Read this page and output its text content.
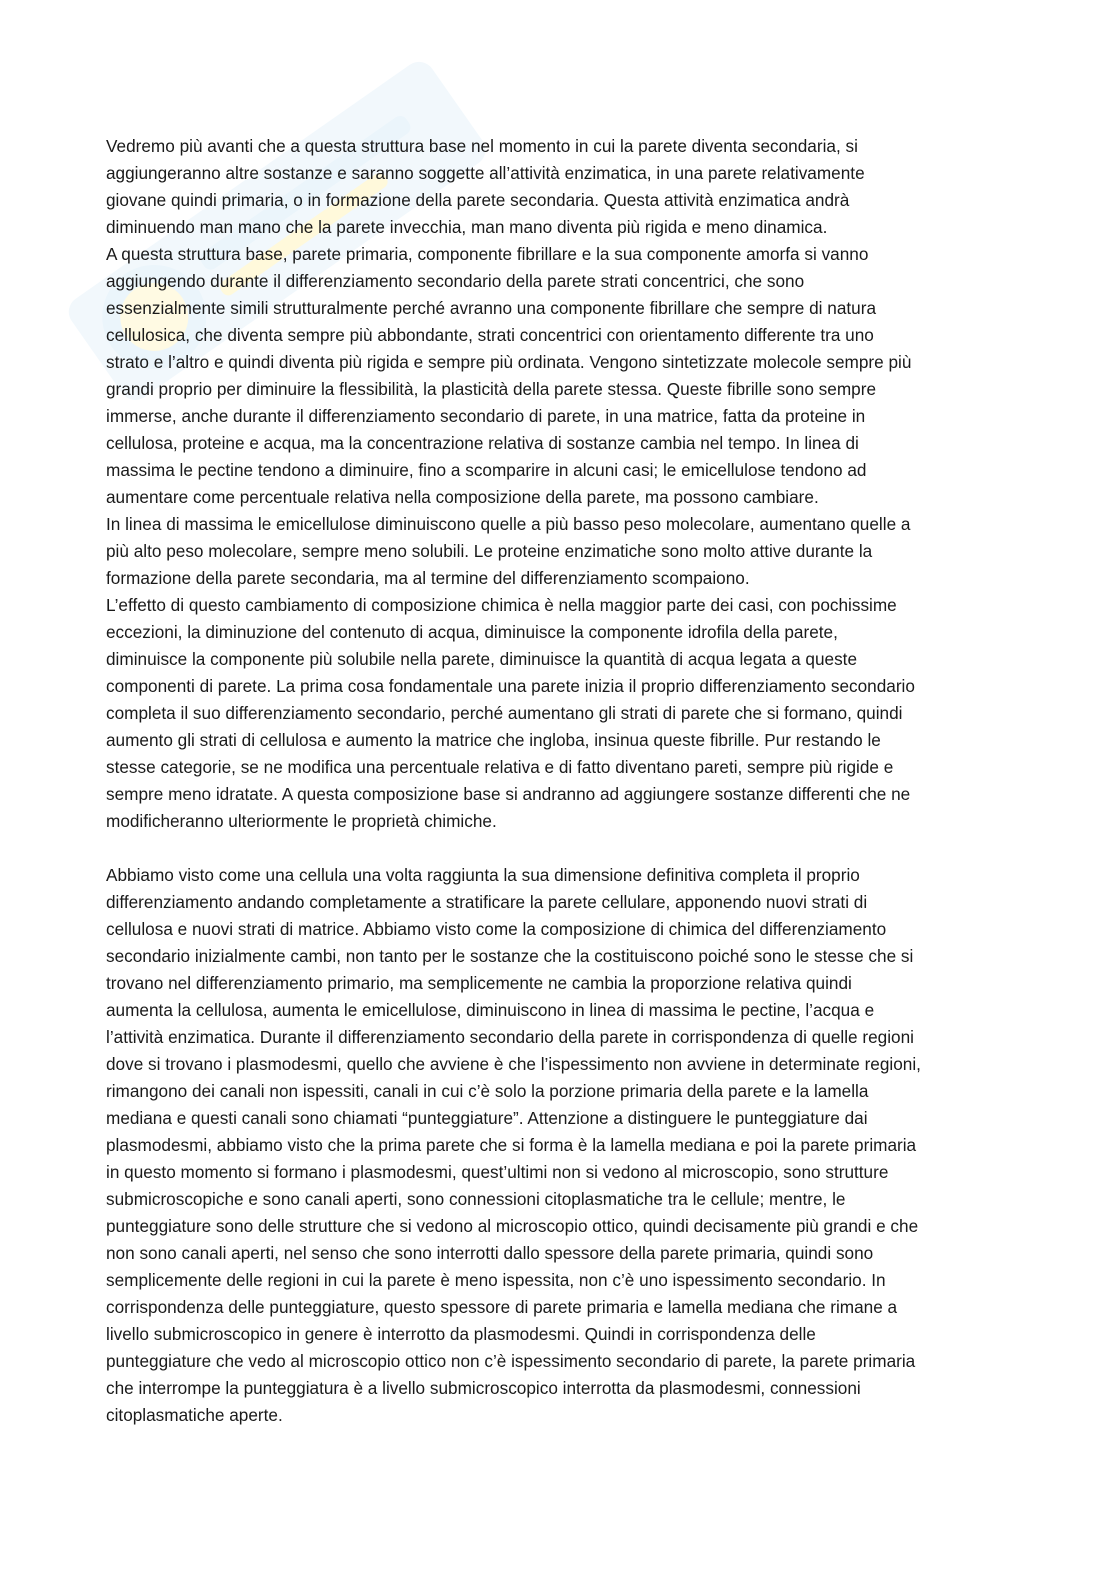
Vedremo più avanti che a questa struttura base nel momento in cui la parete diventa secondaria, si

aggiungeranno altre sostanze e saranno soggette all’attività enzimatica, in una parete relativamente

giovane quindi primaria, o in formazione della parete secondaria. Questa attività enzimatica andrà

diminuendo man mano che la parete invecchia, man mano diventa più rigida e meno dinamica.

A questa struttura base, parete primaria, componente fibrillare e la sua componente amorfa si vanno

aggiungendo durante il differenziamento secondario della parete strati concentrici, che sono

essenzialmente simili strutturalmente perché avranno una componente fibrillare che sempre di natura

cellulosica, che diventa sempre più abbondante, strati concentrici con orientamento differente tra uno

strato e l’altro e quindi diventa più rigida e sempre più ordinata. Vengono sintetizzate molecole sempre più

grandi proprio per diminuire la flessibilità, la plasticità della parete stessa. Queste fibrille sono sempre

immerse, anche durante il differenziamento secondario di parete, in una matrice, fatta da proteine in

cellulosa, proteine e acqua, ma la concentrazione relativa di sostanze cambia nel tempo. In linea di

massima le pectine tendono a diminuire, fino a scomparire in alcuni casi; le emicellulose tendono ad

aumentare come percentuale relativa nella composizione della parete, ma possono cambiare.

In linea di massima le emicellulose diminuiscono quelle a più basso peso molecolare, aumentano quelle a

più alto peso molecolare, sempre meno solubili. Le proteine enzimatiche sono molto attive durante la

formazione della parete secondaria, ma al termine del differenziamento scompaiono.

L’effetto di questo cambiamento di composizione chimica è nella maggior parte dei casi, con pochissime

eccezioni, la diminuzione del contenuto di acqua, diminuisce la componente idrofila della parete,

diminuisce la componente più solubile nella parete, diminuisce la quantità di acqua legata a queste

componenti di parete. La prima cosa fondamentale una parete inizia il proprio differenziamento secondario

completa il suo differenziamento secondario, perché aumentano gli strati di parete che si formano, quindi

aumento gli strati di cellulosa e aumento la matrice che ingloba, insinua queste fibrille. Pur restando le

stesse categorie, se ne modifica una percentuale relativa e di fatto diventano pareti, sempre più rigide e

sempre meno idratate. A questa composizione base si andranno ad aggiungere sostanze differenti che ne

modificheranno ulteriormente le proprietà chimiche.

Abbiamo visto come una cellula una volta raggiunta la sua dimensione definitiva completa il proprio

differenziamento andando completamente a stratificare la parete cellulare, apponendo nuovi strati di

cellulosa e nuovi strati di matrice. Abbiamo visto come la composizione di chimica del differenziamento

secondario inizialmente cambi, non tanto per le sostanze che la costituiscono poiché sono le stesse che si

trovano nel differenziamento primario, ma semplicemente ne cambia la proporzione relativa quindi

aumenta la cellulosa, aumenta le emicellulose, diminuiscono in linea di massima le pectine, l’acqua e

l’attività enzimatica. Durante il differenziamento secondario della parete in corrispondenza di quelle regioni

dove si trovano i plasmodesmi, quello che avviene è che l’ispessimento non avviene in determinate regioni,

rimangono dei canali non ispessiti, canali in cui c’è solo la porzione primaria della parete e la lamella

mediana e questi canali sono chiamati “punteggiature”. Attenzione a distinguere le punteggiature dai

plasmodesmi, abbiamo visto che la prima parete che si forma è la lamella mediana e poi la parete primaria

in questo momento si formano i plasmodesmi, quest’ultimi non si vedono al microscopio, sono strutture

submicroscopiche e sono canali aperti, sono connessioni citoplasmatiche tra le cellule; mentre, le

punteggiature sono delle strutture che si vedono al microscopio ottico, quindi decisamente più grandi e che

non sono canali aperti, nel senso che sono interrotti dallo spessore della parete primaria, quindi sono

semplicemente delle regioni in cui la parete è meno ispessita, non c’è uno ispessimento secondario. In

corrispondenza delle punteggiature, questo spessore di parete primaria e lamella mediana che rimane a

livello submicroscopico in genere è interrotto da plasmodesmi. Quindi in corrispondenza delle

punteggiature che vedo al microscopio ottico non c’è ispessimento secondario di parete, la parete primaria

che interrompe la punteggiatura è a livello submicroscopico interrotta da plasmodesmi, connessioni

citoplasmatiche aperte.
